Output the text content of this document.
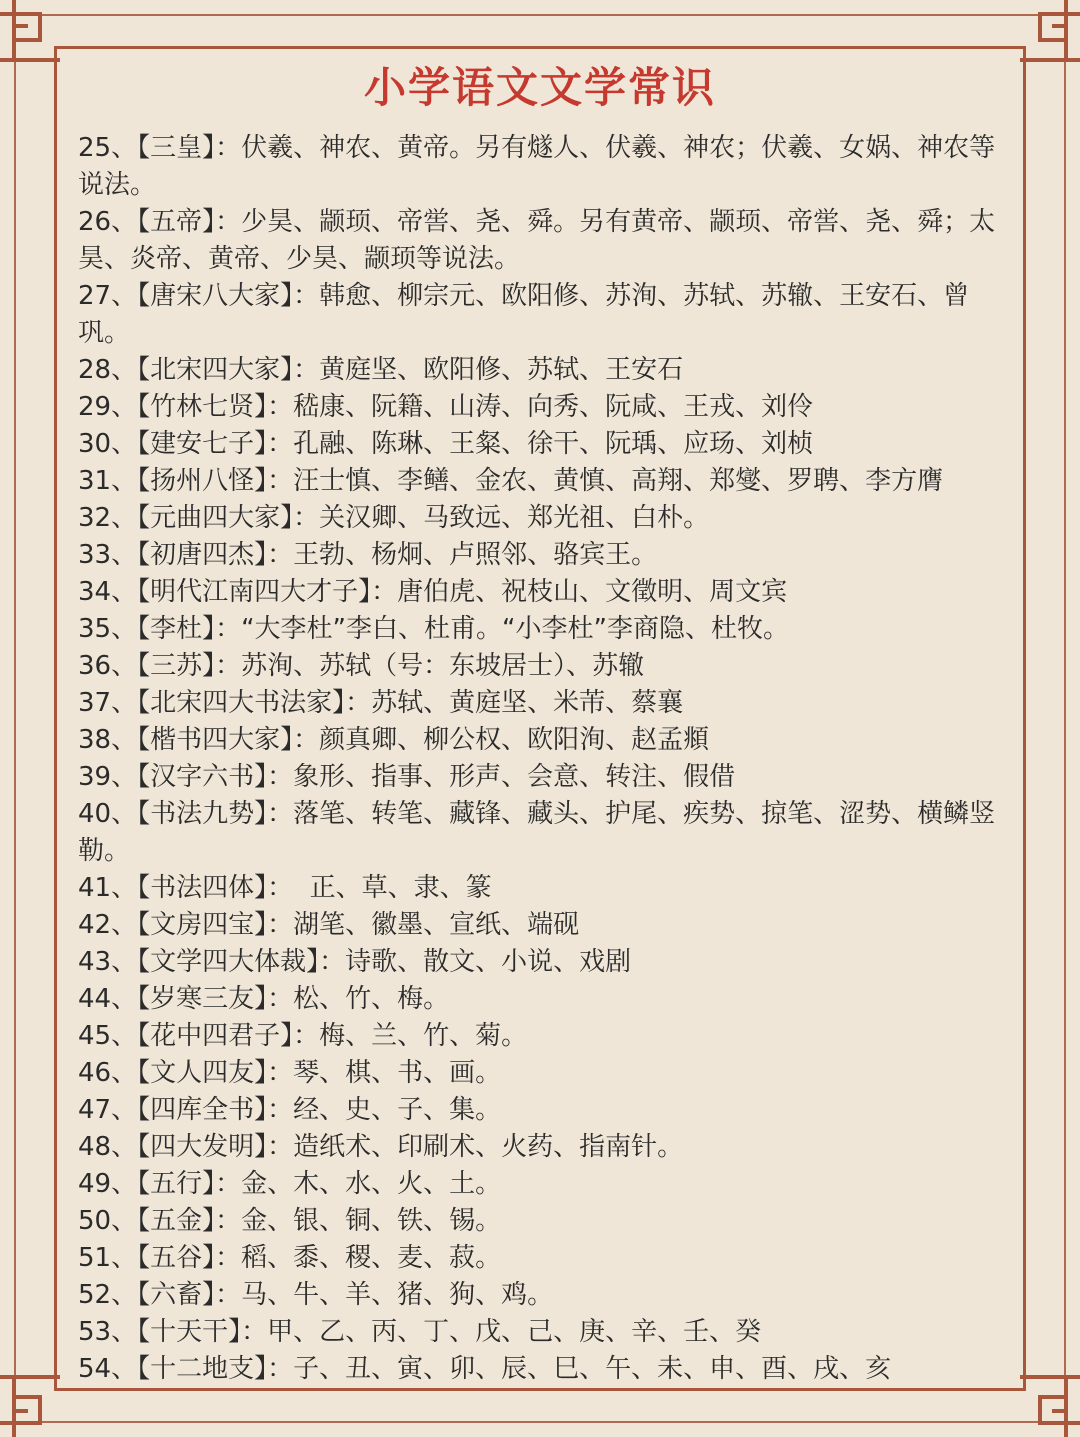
小学语文文学常识
25、【三皇】：伏羲、神农、黄帝。另有燧人、伏羲、神农；伏羲、女娲、神农等说法。
26、【五帝】：少昊、颛顼、帝喾、尧、舜。另有黄帝、颛顼、帝喾、尧、舜；太昊、炎帝、黄帝、少昊、颛顼等说法。
27、【唐宋八大家】：韩愈、柳宗元、欧阳修、苏洵、苏轼、苏辙、王安石、曾巩。
28、【北宋四大家】：黄庭坚、欧阳修、苏轼、王安石
29、【竹林七贤】：嵇康、阮籍、山涛、向秀、阮咸、王戎、刘伶
30、【建安七子】：孔融、陈琳、王粲、徐干、阮瑀、应玚、刘桢
31、【扬州八怪】：汪士慎、李鳝、金农、黄慎、高翔、郑燮、罗聘、李方膺
32、【元曲四大家】：关汉卿、马致远、郑光祖、白朴。
33、【初唐四杰】：王勃、杨炯、卢照邻、骆宾王。
34、【明代江南四大才子】：唐伯虎、祝枝山、文徵明、周文宾
35、【李杜】：“大李杜”李白、杜甫。“小李杜”李商隐、杜牧。
36、【三苏】：苏洵、苏轼（号：东坡居士）、苏辙
37、【北宋四大书法家】：苏轼、黄庭坚、米芾、蔡襄
38、【楷书四大家】：颜真卿、柳公权、欧阳洵、赵孟頫
39、【汉字六书】：象形、指事、形声、会意、转注、假借
40、【书法九势】：落笔、转笔、藏锋、藏头、护尾、疾势、掠笔、涩势、横鳞竖勒。
41、【书法四体】：  正、草、隶、篆
42、【文房四宝】：湖笔、徽墨、宣纸、端砚
43、【文学四大体裁】：诗歌、散文、小说、戏剧
44、【岁寒三友】：松、竹、梅。
45、【花中四君子】：梅、兰、竹、菊。
46、【文人四友】：琴、棋、书、画。
47、【四库全书】：经、史、子、集。
48、【四大发明】：造纸术、印刷术、火药、指南针。
49、【五行】：金、木、水、火、土。
50、【五金】：金、银、铜、铁、锡。
51、【五谷】：稻、黍、稷、麦、菽。
52、【六畜】：马、牛、羊、猪、狗、鸡。
53、【十天干】：甲、乙、丙、丁、戊、己、庚、辛、壬、癸
54、【十二地支】：子、丑、寅、卯、辰、巳、午、未、申、酉、戌、亥
